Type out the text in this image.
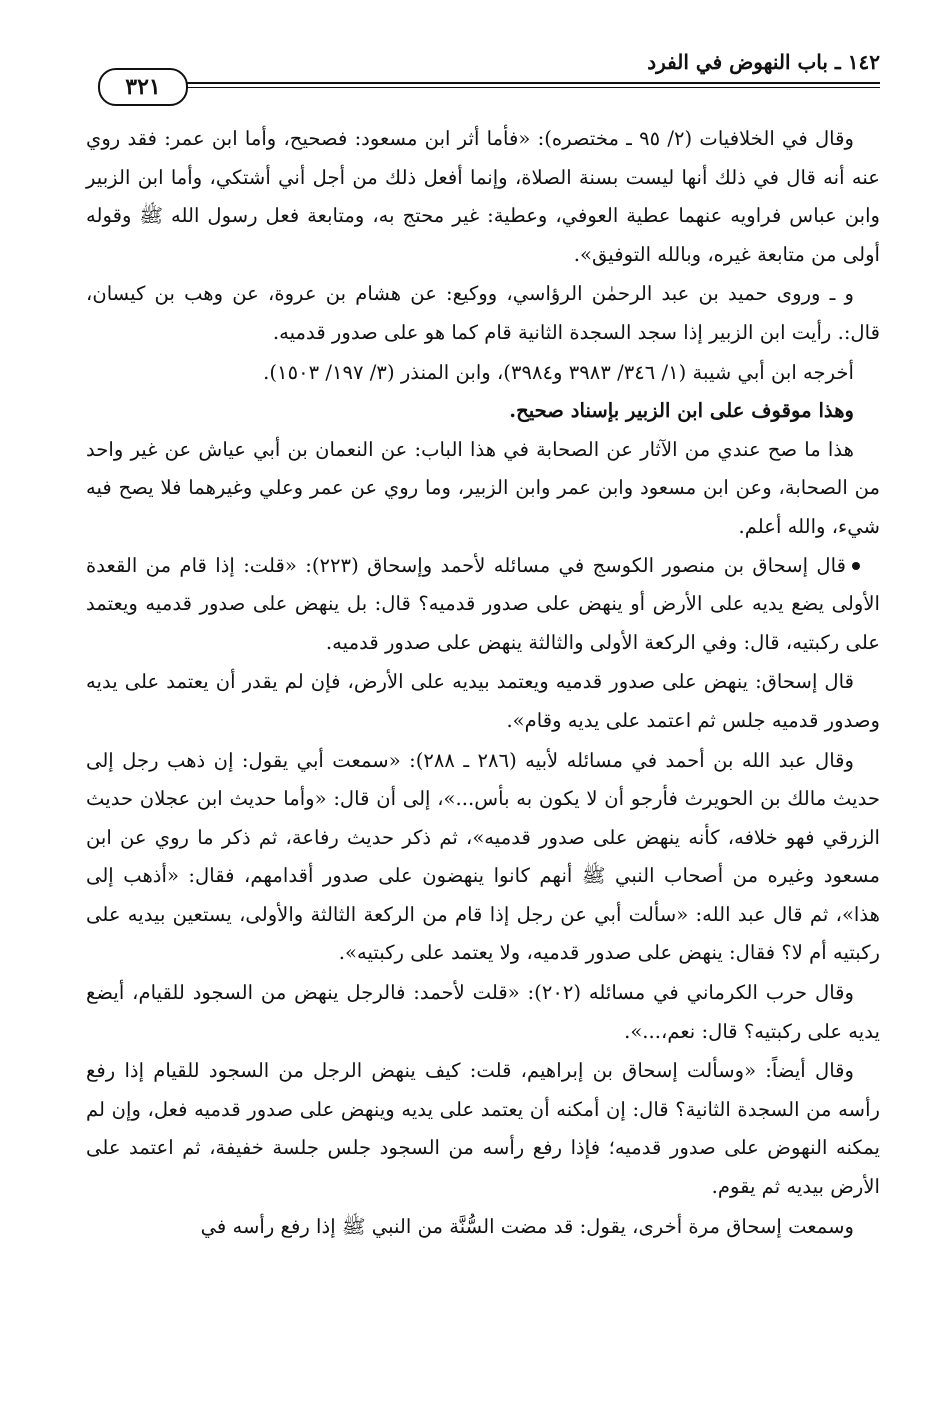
١٤٢ ـ باب النهوض في الفرد
٣٢١

وقال في الخلافيات (٢/ ٩٥ ـ مختصره): «فأما أثر ابن مسعود: فصحيح، وأما ابن عمر: فقد روي عنه أنه قال في ذلك أنها ليست بسنة الصلاة، وإنما أفعل ذلك من أجل أني أشتكي، وأما ابن الزبير وابن عباس فراويه عنهما عطية العوفي، وعطية: غير محتج به، ومتابعة فعل رسول الله ﷺ وقوله أولى من متابعة غيره، وبالله التوفيق».

و ـ وروى حميد بن عبد الرحمٰن الرؤاسي، ووكيع: عن هشام بن عروة، عن وهب بن كيسان، قال:. رأيت ابن الزبير إذا سجد السجدة الثانية قام كما هو على صدور قدميه.

أخرجه ابن أبي شيبة (١/ ٣٤٦/ ٣٩٨٣ و٣٩٨٤)، وابن المنذر (٣/ ١٩٧/ ١٥٠٣).

وهذا موقوف على ابن الزبير بإسناد صحيح.

هذا ما صح عندي من الآثار عن الصحابة في هذا الباب: عن النعمان بن أبي عياش عن غير واحد من الصحابة، وعن ابن مسعود وابن عمر وابن الزبير، وما روي عن عمر وعلي وغيرهما فلا يصح فيه شيء، والله أعلم.

قال إسحاق بن منصور الكوسج في مسائله لأحمد وإسحاق (٢٢٣): «قلت: إذا قام من القعدة الأولى يضع يديه على الأرض أو ينهض على صدور قدميه؟ قال: بل ينهض على صدور قدميه ويعتمد على ركبتيه، قال: وفي الركعة الأولى والثالثة ينهض على صدور قدميه.

قال إسحاق: ينهض على صدور قدميه ويعتمد بيديه على الأرض، فإن لم يقدر أن يعتمد على يديه وصدور قدميه جلس ثم اعتمد على يديه وقام».

وقال عبد الله بن أحمد في مسائله لأبيه (٢٨٦ ـ ٢٨٨): «سمعت أبي يقول: إن ذهب رجل إلى حديث مالك بن الحويرث فأرجو أن لا يكون به بأس...»، إلى أن قال: «وأما حديث ابن عجلان حديث الزرقي فهو خلافه، كأنه ينهض على صدور قدميه»، ثم ذكر حديث رفاعة، ثم ذكر ما روي عن ابن مسعود وغيره من أصحاب النبي ﷺ أنهم كانوا ينهضون على صدور أقدامهم، فقال: «أذهب إلى هذا»، ثم قال عبد الله: «سألت أبي عن رجل إذا قام من الركعة الثالثة والأولى، يستعين بيديه على ركبتيه أم لا؟ فقال: ينهض على صدور قدميه، ولا يعتمد على ركبتيه».

وقال حرب الكرماني في مسائله (٢٠٢): «قلت لأحمد: فالرجل ينهض من السجود للقيام، أيضع يديه على ركبتيه؟ قال: نعم،...».

وقال أيضاً: «وسألت إسحاق بن إبراهيم، قلت: كيف ينهض الرجل من السجود للقيام إذا رفع رأسه من السجدة الثانية؟ قال: إن أمكنه أن يعتمد على يديه وينهض على صدور قدميه فعل، وإن لم يمكنه النهوض على صدور قدميه؛ فإذا رفع رأسه من السجود جلس جلسة خفيفة، ثم اعتمد على الأرض بيديه ثم يقوم.

وسمعت إسحاق مرة أخرى، يقول: قد مضت السُّنَّة من النبي ﷺ إذا رفع رأسه في
